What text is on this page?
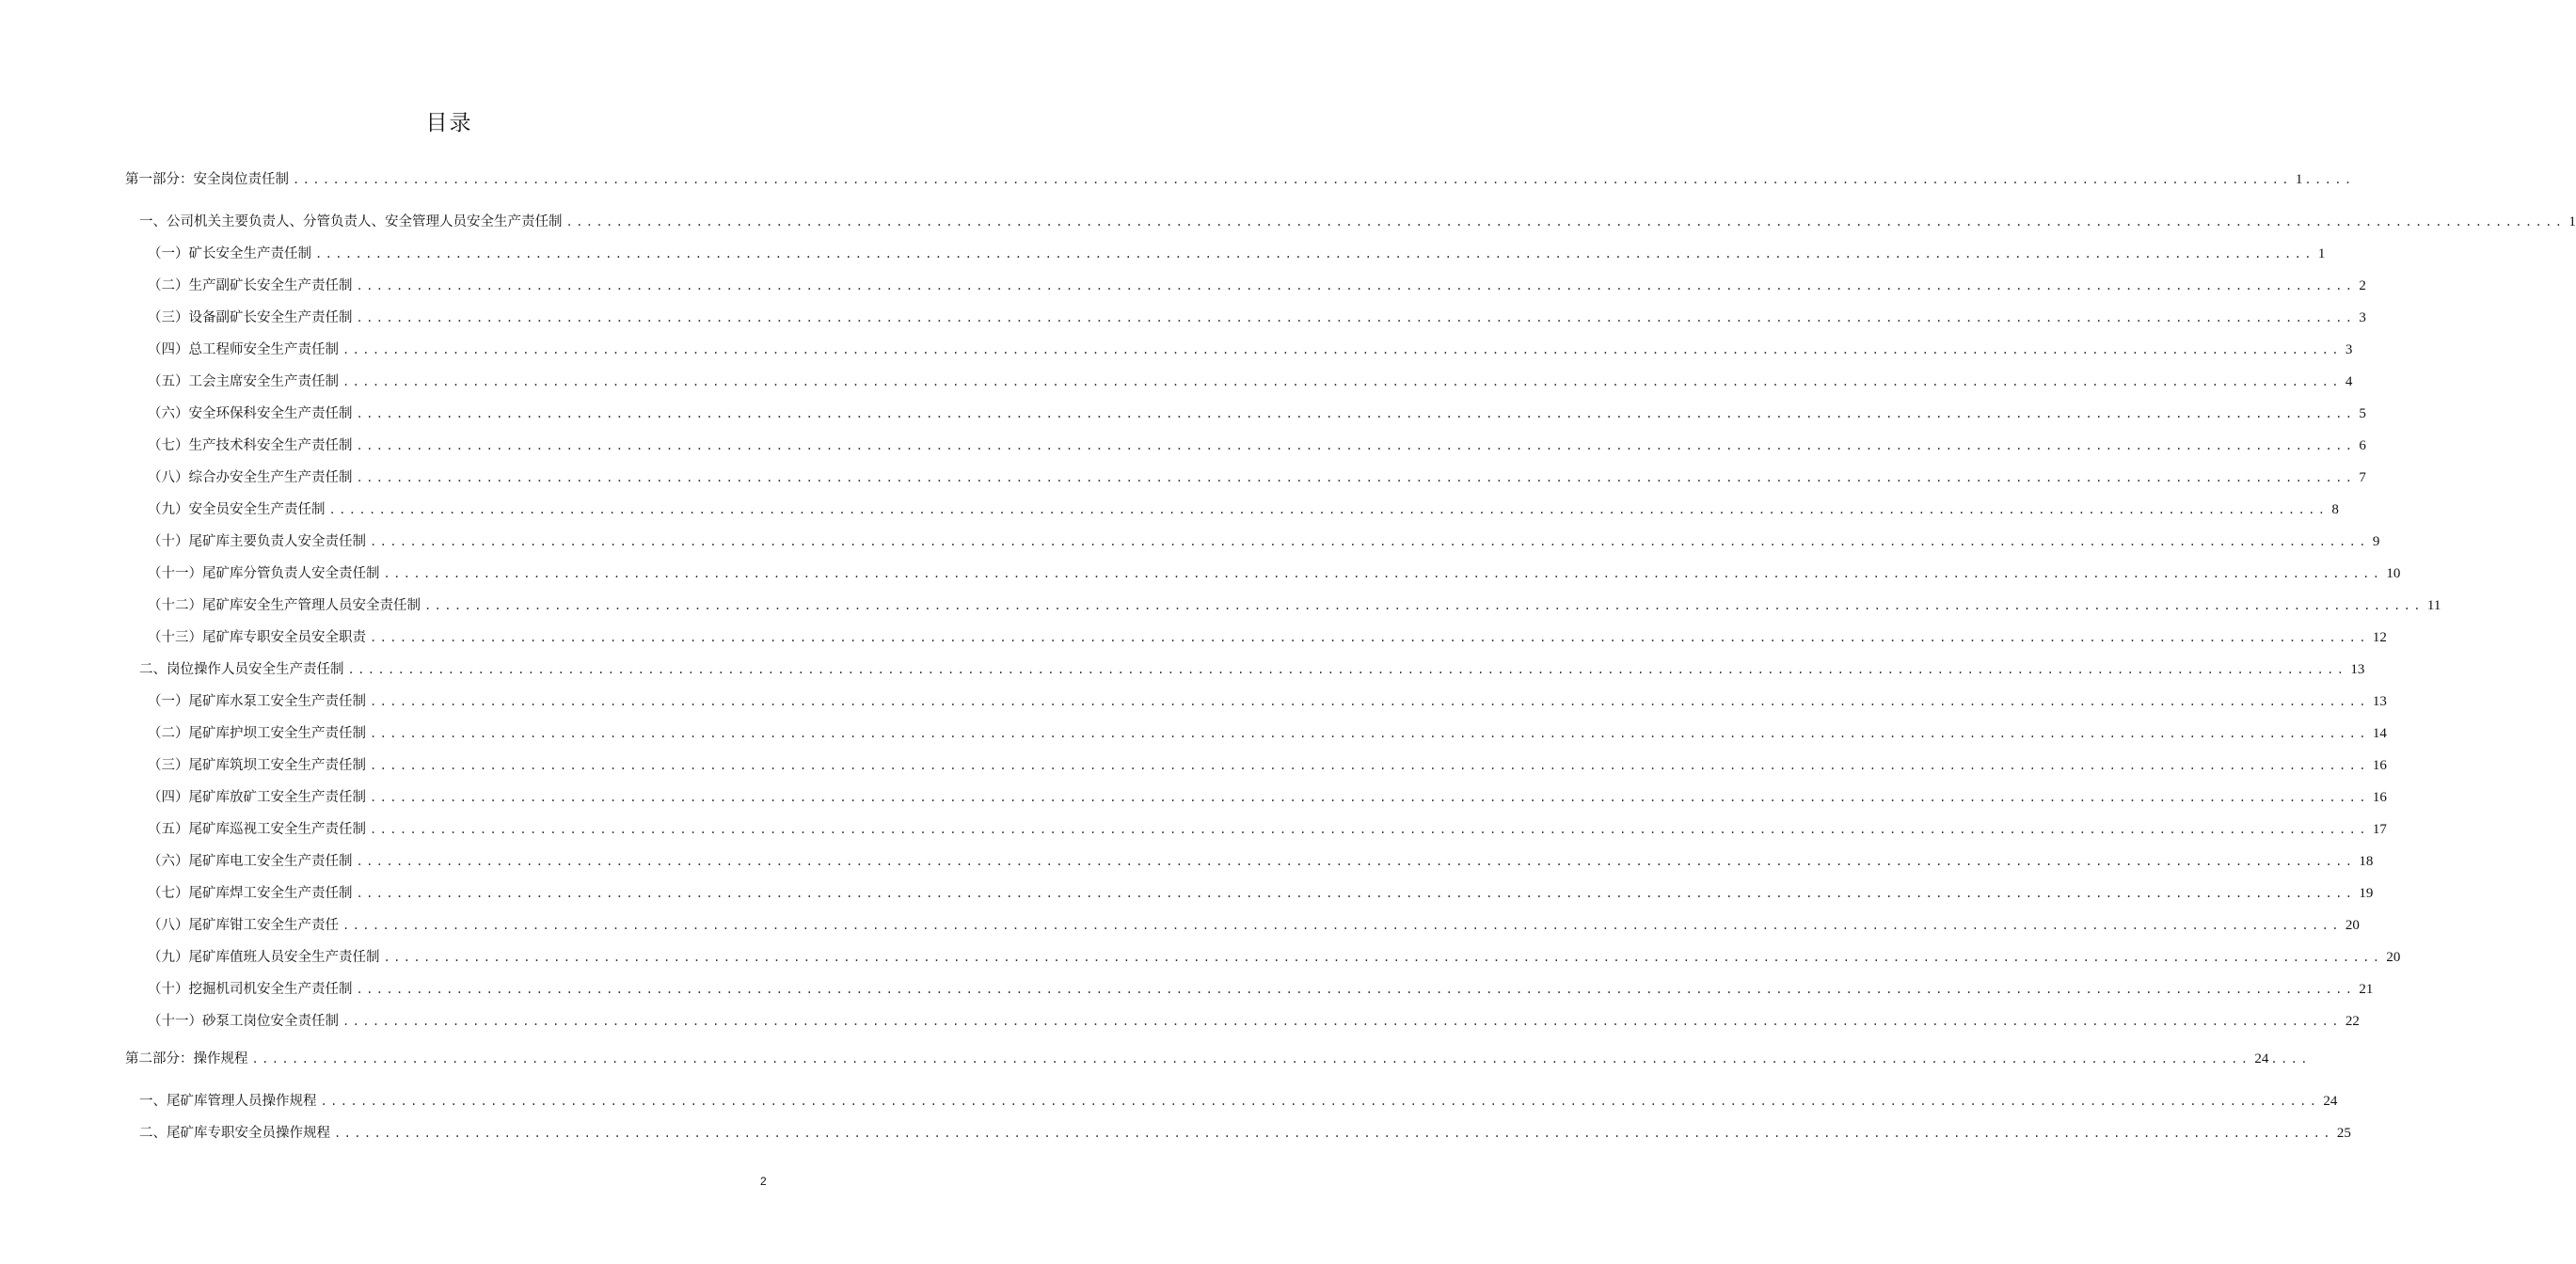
目录
第一部分：安全岗位责任制 ........................................................................................................................................................................................................ 1 .....
一、公司机关主要负责人、分管负责人、安全管理人员安全生产责任制 ........................................................................................................................................................................................................ 1
（一）矿长安全生产责任制 ........................................................................................................................................................................................................ 1
（二）生产副矿长安全生产责任制 ........................................................................................................................................................................................................ 2
（三）设备副矿长安全生产责任制 ........................................................................................................................................................................................................ 3
（四）总工程师安全生产责任制 ........................................................................................................................................................................................................ 3
（五）工会主席安全生产责任制 ........................................................................................................................................................................................................ 4
（六）安全环保科安全生产责任制 ........................................................................................................................................................................................................ 5
（七）生产技术科安全生产责任制 ........................................................................................................................................................................................................ 6
（八）综合办安全生产生产责任制 ........................................................................................................................................................................................................ 7
（九）安全员安全生产责任制 ........................................................................................................................................................................................................ 8
（十）尾矿库主要负责人安全责任制 ........................................................................................................................................................................................................ 9
（十一）尾矿库分管负责人安全责任制 ........................................................................................................................................................................................................ 10
（十二）尾矿库安全生产管理人员安全责任制 ........................................................................................................................................................................................................ 11
（十三）尾矿库专职安全员安全职责 ........................................................................................................................................................................................................ 12
二、岗位操作人员安全生产责任制 ........................................................................................................................................................................................................ 13
（一）尾矿库水泵工安全生产责任制 ........................................................................................................................................................................................................ 13
（二）尾矿库护坝工安全生产责任制 ........................................................................................................................................................................................................ 14
（三）尾矿库筑坝工安全生产责任制 ........................................................................................................................................................................................................ 16
（四）尾矿库放矿工安全生产责任制 ........................................................................................................................................................................................................ 16
（五）尾矿库巡视工安全生产责任制 ........................................................................................................................................................................................................ 17
（六）尾矿库电工安全生产责任制 ........................................................................................................................................................................................................ 18
（七）尾矿库焊工安全生产责任制 ........................................................................................................................................................................................................ 19
（八）尾矿库钳工安全生产责任 ........................................................................................................................................................................................................ 20
（九）尾矿库值班人员安全生产责任制 ........................................................................................................................................................................................................ 20
（十）挖掘机司机安全生产责任制 ........................................................................................................................................................................................................ 21
（十一）砂泵工岗位安全责任制 ........................................................................................................................................................................................................ 22
第二部分：操作规程 ........................................................................................................................................................................................................ 24 ....
一、尾矿库管理人员操作规程 ........................................................................................................................................................................................................ 24
二、尾矿库专职安全员操作规程 ........................................................................................................................................................................................................ 25
2
